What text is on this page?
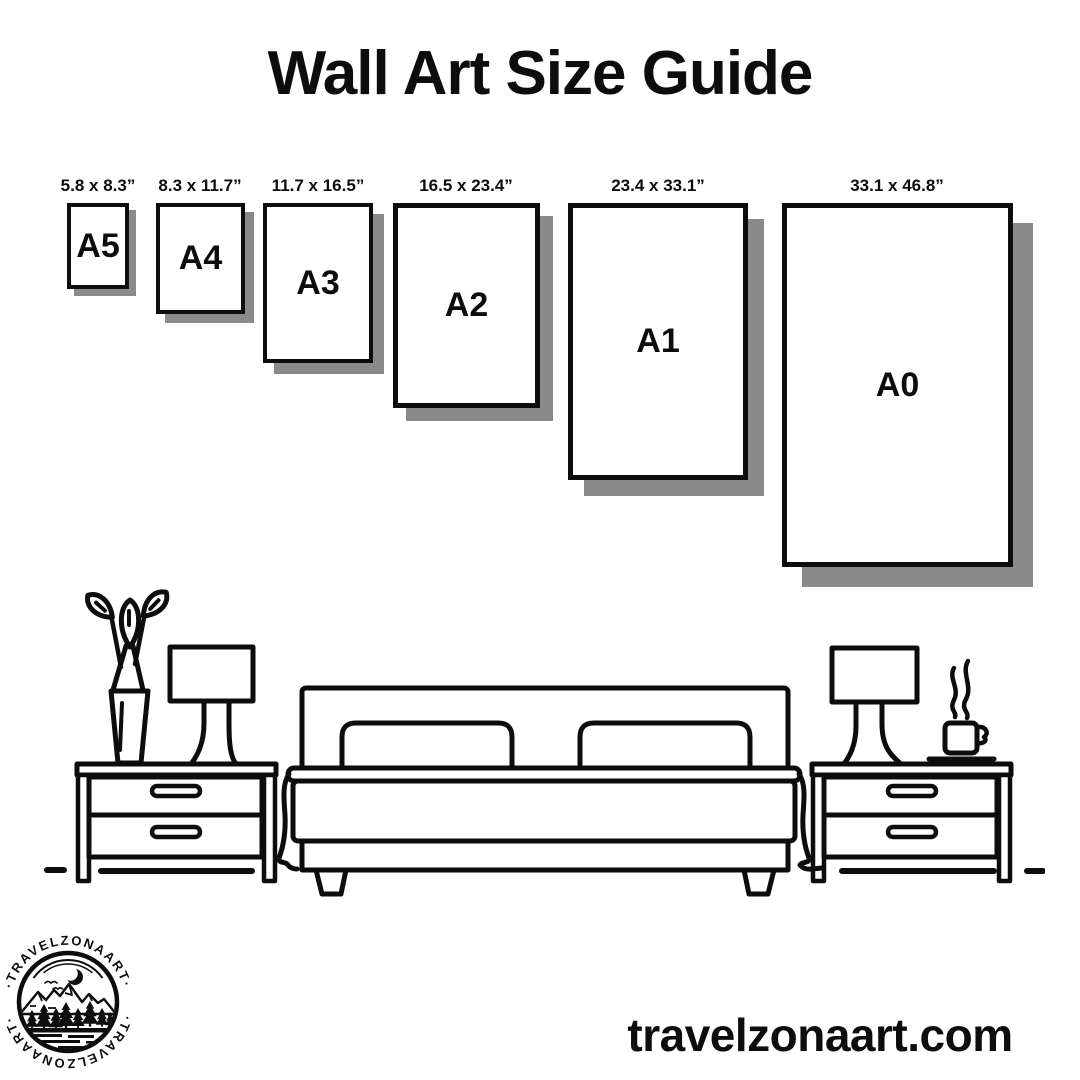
Wall Art Size Guide
5.8 x 8.3” 8.3 x 11.7” 11.7 x 16.5”	16.5 x 23.4”	23.4 x 33.1”	33.1 x 46.8”
A5 A4
A3
A2
A1
A0
·TRAVELZONAART·
·TRAVELZONAART·	travelzonaart.com
